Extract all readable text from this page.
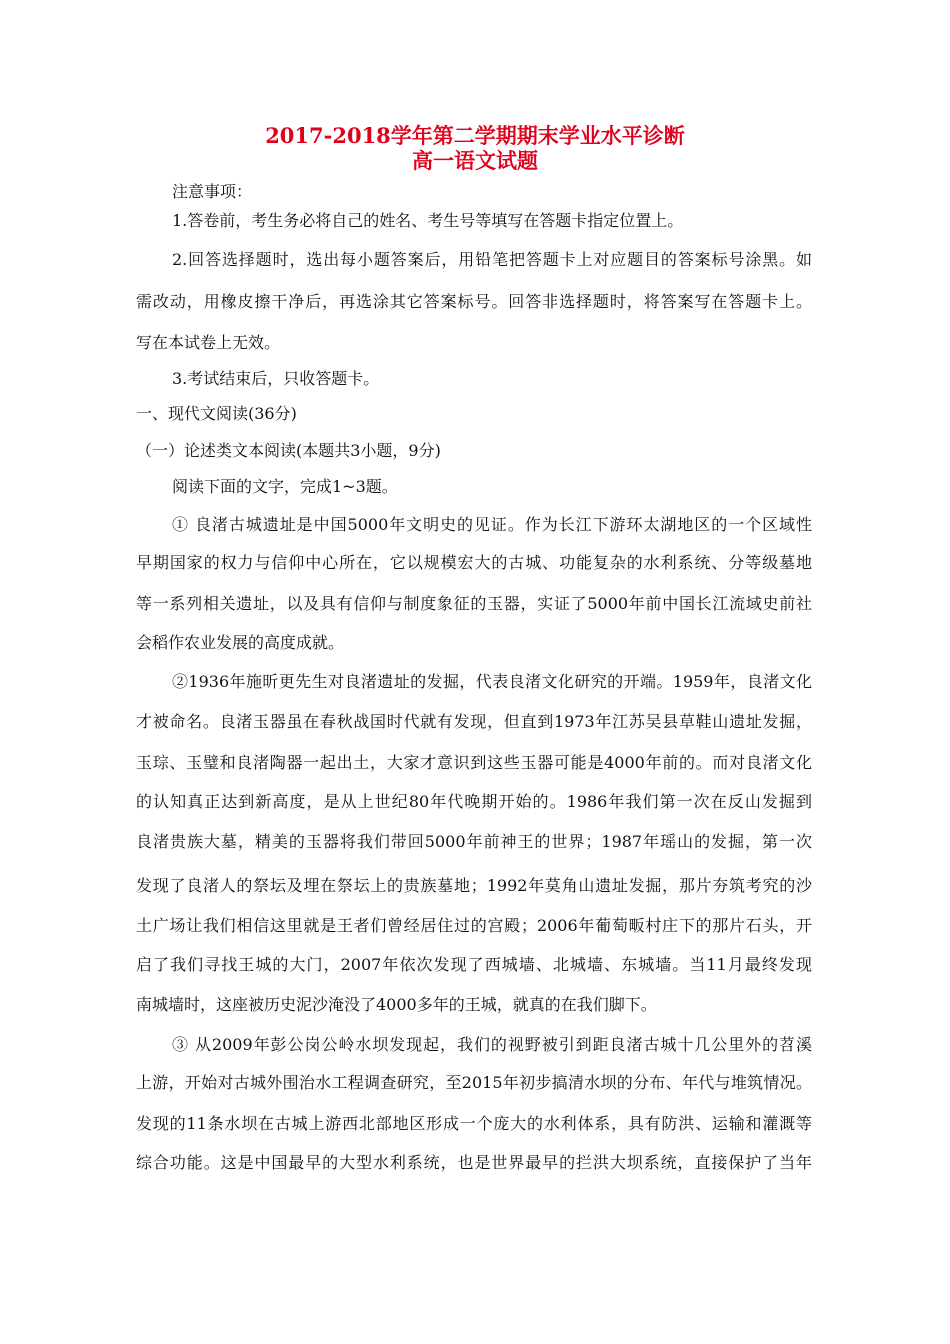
2017-2018学年第二学期期末学业水平诊断
高一语文试题
注意事项：
1.答卷前，考生务必将自己的姓名、考生号等填写在答题卡指定位置上。
2.回答选择题时，选出每小题答案后，用铅笔把答题卡上对应题目的答案标号涂黑。如
需改动，用橡皮擦干净后，再选涂其它答案标号。回答非选择题时，将答案写在答题卡上。
写在本试卷上无效。
3.考试结束后，只收答题卡。
一、现代文阅读(36分)
（一）论述类文本阅读(本题共3小题，9分)
阅读下面的文字，完成1~3题。
① 良渚古城遗址是中国5000年文明史的见证。作为长江下游环太湖地区的一个区域性
早期国家的权力与信仰中心所在，它以规模宏大的古城、功能复杂的水利系统、分等级墓地
等一系列相关遗址，以及具有信仰与制度象征的玉器，实证了5000年前中国长江流域史前社
会稻作农业发展的高度成就。
②1936年施昕更先生对良渚遗址的发掘，代表良渚文化研究的开端。1959年，良渚文化
才被命名。良渚玉器虽在春秋战国时代就有发现，但直到1973年江苏吴县草鞋山遗址发掘，
玉琮、玉璧和良渚陶器一起出土，大家才意识到这些玉器可能是4000年前的。而对良渚文化
的认知真正达到新高度，是从上世纪80年代晚期开始的。1986年我们第一次在反山发掘到
良渚贵族大墓，精美的玉器将我们带回5000年前神王的世界；1987年瑶山的发掘，第一次
发现了良渚人的祭坛及埋在祭坛上的贵族墓地；1992年莫角山遗址发掘，那片夯筑考究的沙
土广场让我们相信这里就是王者们曾经居住过的宫殿；2006年葡萄畈村庄下的那片石头，开
启了我们寻找王城的大门，2007年依次发现了西城墙、北城墙、东城墙。当11月最终发现
南城墙时，这座被历史泥沙淹没了4000多年的王城，就真的在我们脚下。
③ 从2009年彭公岗公岭水坝发现起，我们的视野被引到距良渚古城十几公里外的苕溪
上游，开始对古城外围治水工程调查研究，至2015年初步搞清水坝的分布、年代与堆筑情况。
发现的11条水坝在古城上游西北部地区形成一个庞大的水利体系，具有防洪、运输和灌溉等
综合功能。这是中国最早的大型水利系统，也是世界最早的拦洪大坝系统，直接保护了当年
